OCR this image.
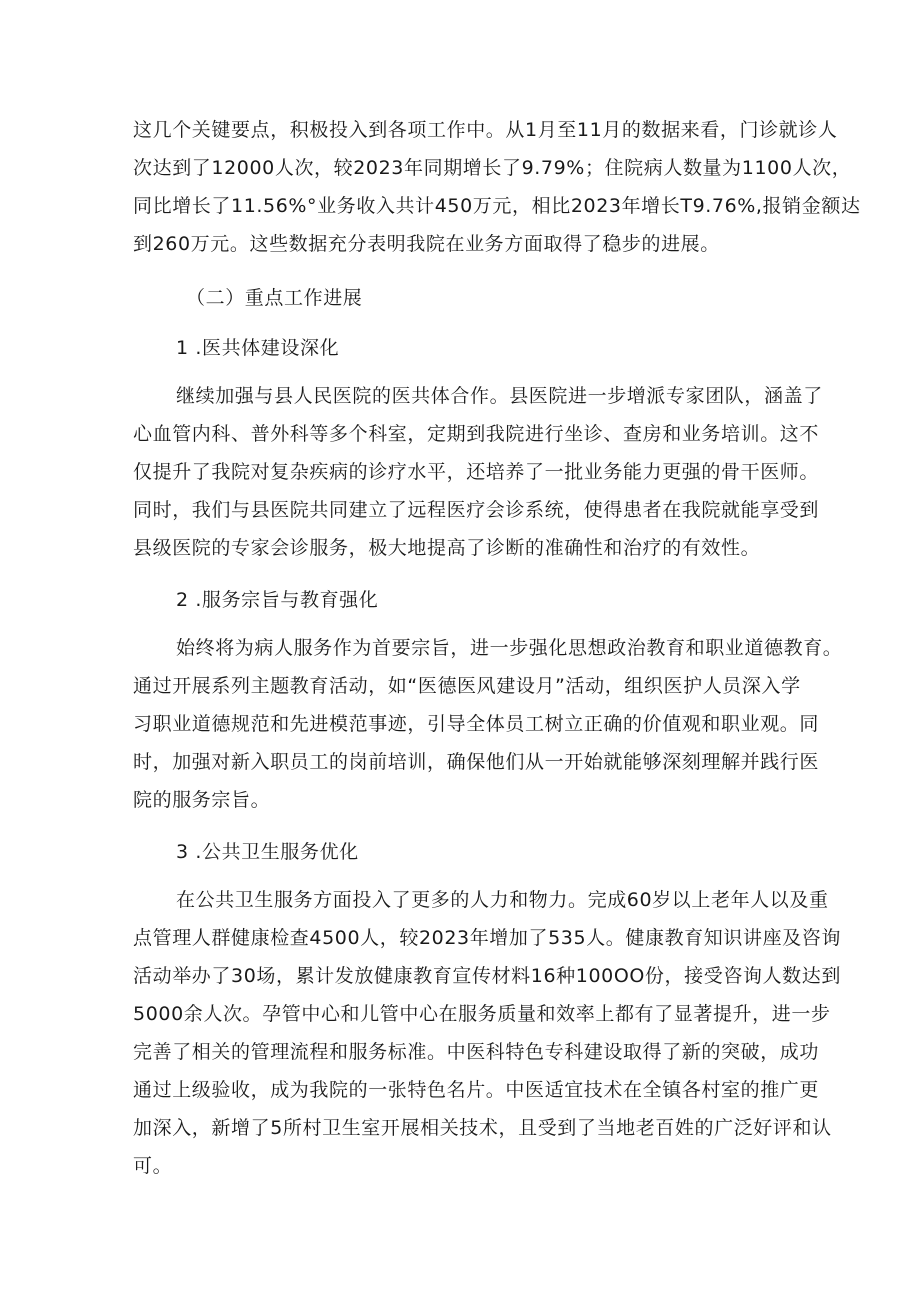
这几个关键要点，积极投入到各项工作中。从1月至11月的数据来看，门诊就诊人
次达到了12000人次，较2023年同期增长了9.79%；住院病人数量为1100人次，
同比增长了11.56%°业务收入共计450万元，相比2023年增长T9.76%,报销金额达
到260万元。这些数据充分表明我院在业务方面取得了稳步的进展。
（二）重点工作进展
1 .医共体建设深化
继续加强与县人民医院的医共体合作。县医院进一步增派专家团队，涵盖了
心血管内科、普外科等多个科室，定期到我院进行坐诊、查房和业务培训。这不
仅提升了我院对复杂疾病的诊疗水平，还培养了一批业务能力更强的骨干医师。
同时，我们与县医院共同建立了远程医疗会诊系统，使得患者在我院就能享受到
县级医院的专家会诊服务，极大地提高了诊断的准确性和治疗的有效性。
2 .服务宗旨与教育强化
始终将为病人服务作为首要宗旨，进一步强化思想政治教育和职业道德教育。
通过开展系列主题教育活动，如“医德医风建设月”活动，组织医护人员深入学
习职业道德规范和先进模范事迹，引导全体员工树立正确的价值观和职业观。同
时，加强对新入职员工的岗前培训，确保他们从一开始就能够深刻理解并践行医
院的服务宗旨。
3 .公共卫生服务优化
在公共卫生服务方面投入了更多的人力和物力。完成60岁以上老年人以及重
点管理人群健康检查4500人，较2023年增加了535人。健康教育知识讲座及咨询
活动举办了30场，累计发放健康教育宣传材料16种100OO份，接受咨询人数达到
5000余人次。孕管中心和儿管中心在服务质量和效率上都有了显著提升，进一步
完善了相关的管理流程和服务标准。中医科特色专科建设取得了新的突破，成功
通过上级验收，成为我院的一张特色名片。中医适宜技术在全镇各村室的推广更
加深入，新增了5所村卫生室开展相关技术，且受到了当地老百姓的广泛好评和认
可。
